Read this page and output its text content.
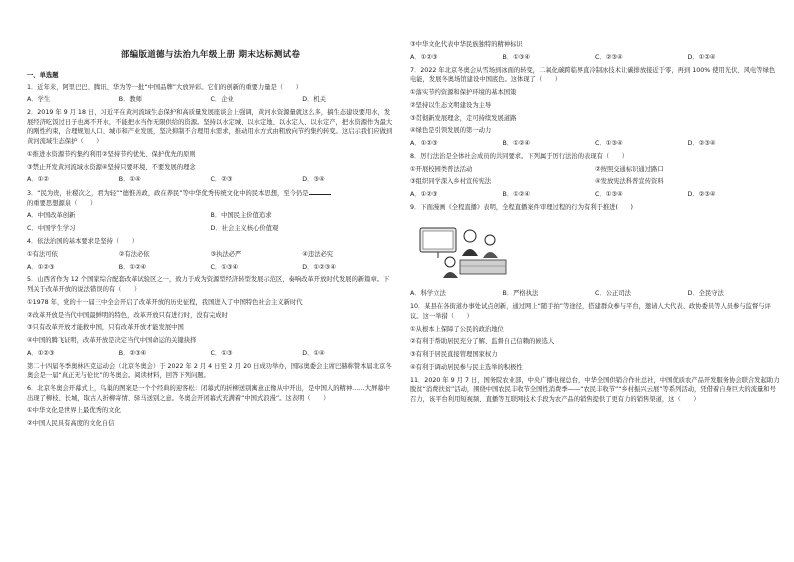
部编版道德与法治九年级上册 期末达标测试卷
一、单选题

1．近年来，阿里巴巴、腾讯、华为等一批“中国品牌”大放异彩。它们的创新的重要力量是（　　）

A．学生	B．教师	C．企业	D．机关

2．2019 年 9 月 18 日，习近平在黄河流域生态保护和高质量发展座谈会上强调，黄河水资源量就这么多，搞生态建设要用水，发展经济吃饭过日子也离不开水，不能把水当作无限供给的资源。坚持以水定城、以水定地、以水定人、以水定产，把水资源作为最大的刚性约束，合理规划人口、城市和产业发展，坚决抑制不合理用水需求，推动用水方式由粗放向节约集约转变。这启示我们应做到黄河流域生态保护（　　）

①推进水资源节约集约利用②坚持节约优先、保护优先的原则

③禁止开发黄河流域水资源④坚持只要环境、不要发展的理念

A．①②	B．①④	C．②③	D．③④

3．“民为贵，社稷次之，君为轻”“德惟善政，政在养民”等中华优秀传统文化中的民本思想，至今仍是
的重要思想源泉（　　）

A．中国改革创新	B．中国民主价值追求
C．中国学生学习	D．社会主义核心价值观

4．依法治国的基本要求是坚持（　　）

①有法可依	②有法必依	③执法必严	④违法必究
A．①②③	B．①②④	C．①③④	D．①②③④

5．山西省作为 12 个国家综合配套改革试验区之一，致力于成为资源型经济转型发展示范区，奏响改革开放时代发展的新篇章。下列关于改革开放的说法错误的有（　　）

①1978 年，党的十一届三中全会开启了改革开放的历史征程，我国进入了中国特色社会主义新时代

②改革开放是当代中国最鲜明的特色，改革开放只有进行时，没有完成时

③只有改革开放才能救中国，只有改革开放才能发展中国

④中国的腾飞证明，改革开放是决定当代中国命运的关键抉择

A．①②③	B．②③④	C．①③	D．①④

第二十四届冬季奥林匹克运动会（北京冬奥会）于 2022 年 2 月 4 日至 2 月 20 日成功举办，国际奥委会主席巴赫称赞本届北京冬奥会是一届“真正无与伦比”的冬奥会。阅读材料，回答下列问题。

6．北京冬奥会开幕式上，鸟巢的图案是一个个经典的迎客松：闭幕式的折柳送别寓意正像从中开出，是中国人的精神……大屏幕中出现了柳枝、长城，取古人折柳寄情、驿马送别之意。冬奥会开闭幕式充满着“中国式浪漫”。这表明（　　）

①中华文化是世界上最优秀的文化

②中国人民具有高度的文化自信

③中华文化代表中华民族独特的精神标识

A．①②③	B．①③④	C．②③④	D．①②④

7．2022 年北京冬奥会从雪场到冰面的转变，二氧化碳跨临界直冷制冰技术让碳排放接近于零，再到 100% 使用光伏、风电等绿色电能，发展冬奥场馆建设中国底色。这体现了（　　）

①落实节约资源和保护环境的基本国策

②坚持以生态文明建设为主导

③贯彻新发展理念，走可持续发展道路

④绿色是引领发展的第一动力

A．①②③	B．①②④	C．①③④	D．②③④

8．厉行法治是全体社会成员的共同要求。下列属于厉行法治的表现有（　　）

①开展校园类普法活动	②按照交通标识通过路口
③组织同学深入乡村宣传宪法	④发放宪法科普宣传资料
A．①②③	B．①②④	C．①③④	D．②③④

9．下面漫画《全程直播》表明，全程直播案件审理过程的行为有利于推进(　　)

A．科学立法	B．严格执法	C．公正司法	D．全民守法

10．某县在各街道办事处试点创新，通过网上“随手拍”等途径，搭建群众参与平台，邀请人大代表、政协委员等人员参与监督与评议。这一举措（　　）

①从根本上保障了公民的政治地位

②有利于帮助居民充分了解、监督自己信赖的候选人

③有利于居民直接管理国家权力

④有利于调动居民参与民主选举的积极性

11．2020 年 9 月 7 日，国务院农业部，中央广播电视总台，中华全国供销合作社总社，中国优质农产品开发服务协会联合发起助力脱贫“消费扶贫”活动，围绕中国农民丰收节全国性消费季——“农民丰收节”“乡村振兴云展”等系列活动，凭借着自身巨大的流量和号召力，该平台利用短视频、直播等互联网技术手段为农产品的销售提供了更有力的销售渠道，这（　　）
